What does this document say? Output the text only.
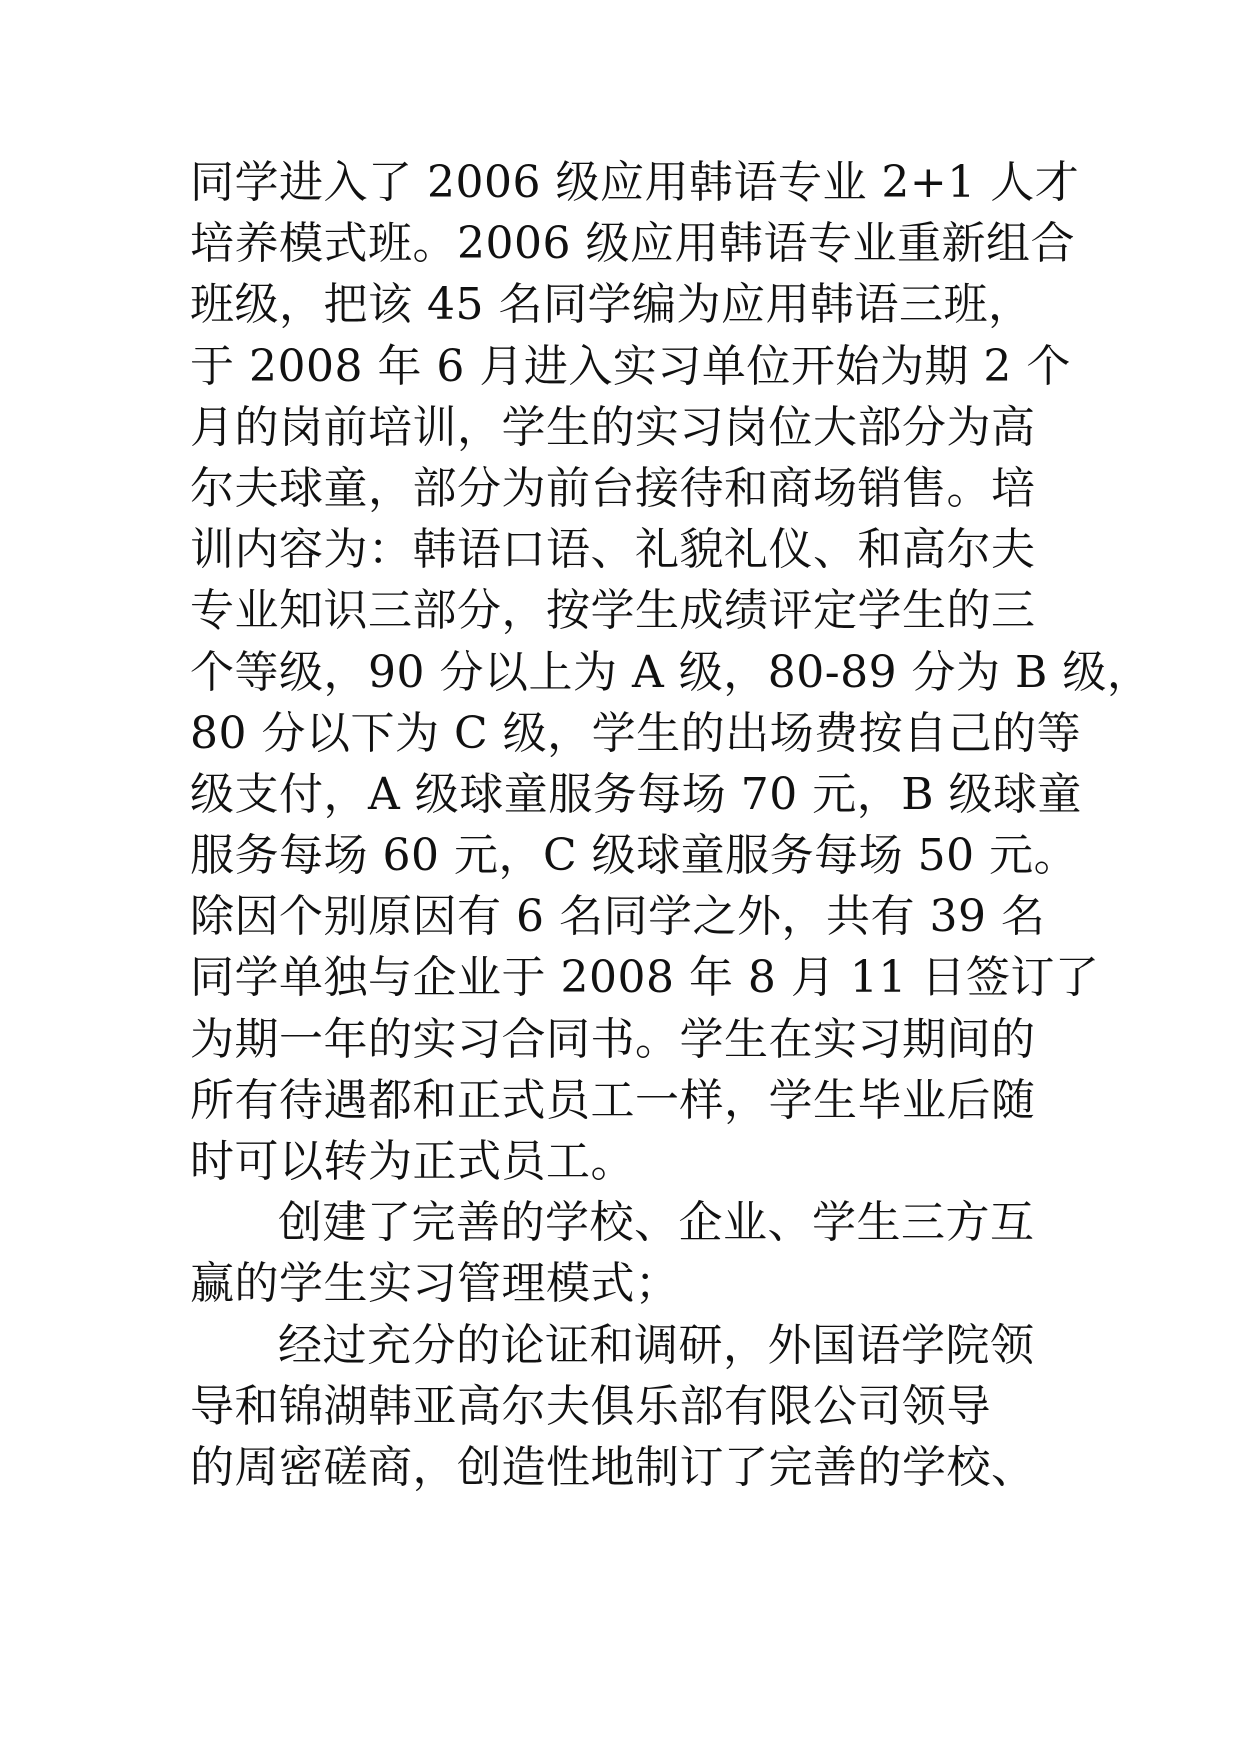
同学进入了 2006 级应用韩语专业 2+1 人才
培养模式班。2006 级应用韩语专业重新组合
班级，把该 45 名同学编为应用韩语三班，
于 2008 年 6 月进入实习单位开始为期 2 个
月的岗前培训，学生的实习岗位大部分为高
尔夫球童，部分为前台接待和商场销售。培
训内容为：韩语口语、礼貌礼仪、和高尔夫
专业知识三部分，按学生成绩评定学生的三
个等级，90 分以上为 A 级，80-89 分为 B 级，
80 分以下为 C 级，学生的出场费按自己的等
级支付，A 级球童服务每场 70 元，B 级球童
服务每场 60 元，C 级球童服务每场 50 元。
除因个别原因有 6 名同学之外，共有 39 名
同学单独与企业于 2008 年 8 月 11 日签订了
为期一年的实习合同书。学生在实习期间的
所有待遇都和正式员工一样，学生毕业后随
时可以转为正式员工。
创建了完善的学校、企业、学生三方互
赢的学生实习管理模式；
经过充分的论证和调研，外国语学院领
导和锦湖韩亚高尔夫俱乐部有限公司领导
的周密磋商，创造性地制订了完善的学校、
